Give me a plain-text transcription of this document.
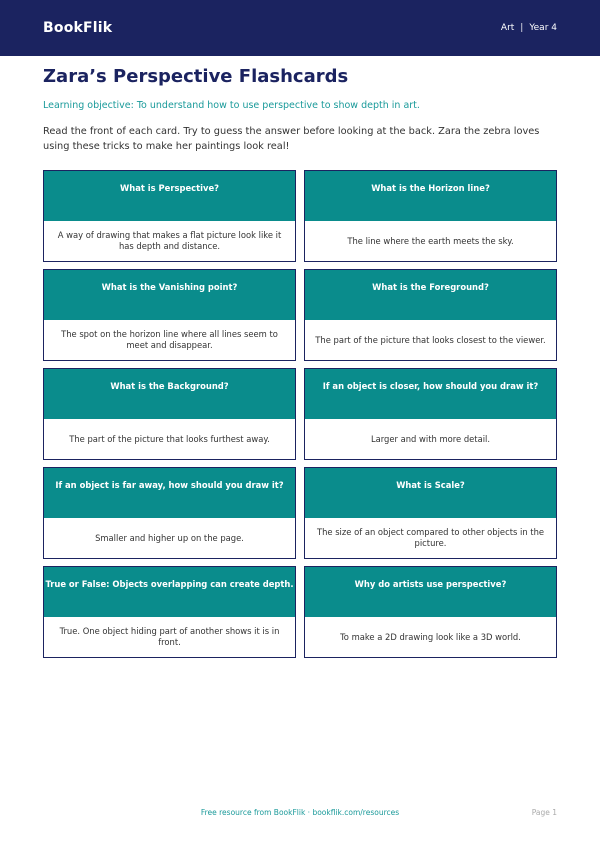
BookFlik	Art | Year 4
Zara’s Perspective Flashcards

Learning objective: To understand how to use perspective to show depth in art.

Read the front of each card. Try to guess the answer before looking at the back. Zara the zebra loves using these tricks to make her paintings look real!

What is Perspective?
A way of drawing that makes a flat picture look like it has depth and distance.
What is the Horizon line?
The line where the earth meets the sky.
What is the Vanishing point?
The spot on the horizon line where all lines seem to meet and disappear.
What is the Foreground?
The part of the picture that looks closest to the viewer.
What is the Background?
The part of the picture that looks furthest away.
If an object is closer, how should you draw it?
Larger and with more detail.
If an object is far away, how should you draw it?
Smaller and higher up on the page.
What is Scale?
The size of an object compared to other objects in the picture.
True or False: Objects overlapping can create depth.
True. One object hiding part of another shows it is in front.
Why do artists use perspective?
To make a 2D drawing look like a 3D world.
Free resource from BookFlik · bookflik.com/resources	Page 1
